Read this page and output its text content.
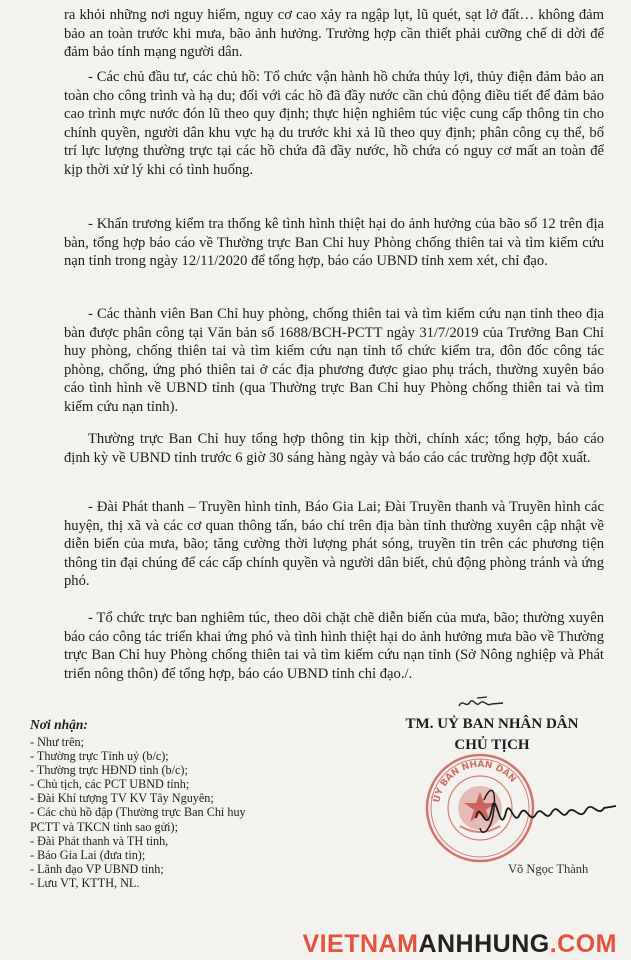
ra khỏi những nơi nguy hiểm, nguy cơ cao xảy ra ngập lụt, lũ quét, sạt lở đất… không đảm bảo an toàn trước khi mưa, bão ảnh hưởng. Trường hợp cần thiết phải cưỡng chế di dời để đảm bảo tính mạng người dân.

- Các chủ đầu tư, các chủ hồ: Tổ chức vận hành hồ chứa thủy lợi, thủy điện đảm bảo an toàn cho công trình và hạ du; đối với các hồ đã đầy nước cần chủ động điều tiết để đảm bảo cao trình mực nước đón lũ theo quy định; thực hiện nghiêm túc việc cung cấp thông tin cho chính quyền, người dân khu vực hạ du trước khi xả lũ theo quy định; phân công cụ thể, bố trí lực lượng thường trực tại các hồ chứa đã đầy nước, hồ chứa có nguy cơ mất an toàn để kịp thời xử lý khi có tình huống.

- Khẩn trương kiểm tra thống kê tình hình thiệt hại do ảnh hưởng của bão số 12 trên địa bàn, tổng hợp báo cáo về Thường trực Ban Chỉ huy Phòng chống thiên tai và tìm kiếm cứu nạn tỉnh trong ngày 12/11/2020 để tổng hợp, báo cáo UBND tỉnh xem xét, chỉ đạo.

- Các thành viên Ban Chỉ huy phòng, chống thiên tai và tìm kiếm cứu nạn tỉnh theo địa bàn được phân công tại Văn bản số 1688/BCH-PCTT ngày 31/7/2019 của Trưởng Ban Chỉ huy phòng, chống thiên tai và tìm kiếm cứu nạn tỉnh tổ chức kiểm tra, đôn đốc công tác phòng, chống, ứng phó thiên tai ở các địa phương được giao phụ trách, thường xuyên báo cáo tình hình về UBND tỉnh (qua Thường trực Ban Chỉ huy Phòng chống thiên tai và tìm kiếm cứu nạn tỉnh).

Thường trực Ban Chỉ huy tổng hợp thông tin kịp thời, chính xác; tổng hợp, báo cáo định kỳ về UBND tỉnh trước 6 giờ 30 sáng hàng ngày và báo cáo các trường hợp đột xuất.

- Đài Phát thanh – Truyền hình tỉnh, Báo Gia Lai; Đài Truyền thanh và Truyền hình các huyện, thị xã và các cơ quan thông tấn, báo chí trên địa bàn tỉnh thường xuyên cập nhật về diễn biến của mưa, bão; tăng cường thời lượng phát sóng, truyền tin trên các phương tiện thông tin đại chúng để các cấp chính quyền và người dân biết, chủ động phòng tránh và ứng phó.

- Tổ chức trực ban nghiêm túc, theo dõi chặt chẽ diễn biến của mưa, bão; thường xuyên báo cáo công tác triển khai ứng phó và tình hình thiệt hại do ảnh hưởng mưa bão về Thường trực Ban Chỉ huy Phòng chống thiên tai và tìm kiếm cứu nạn tỉnh (Sở Nông nghiệp và Phát triển nông thôn) để tổng hợp, báo cáo UBND tỉnh chỉ đạo./.

Nơi nhận:

- Như trên;
- Thường trực Tỉnh uỷ (b/c);
- Thường trực HĐND tỉnh (b/c);
- Chủ tịch, các PCT UBND tỉnh;
- Đài Khí tượng TV KV Tây Nguyên;
- Các chủ hồ đập (Thường trực Ban Chỉ huy
PCTT và TKCN tỉnh sao gửi);
- Đài Phát thanh và TH tỉnh,
- Báo Gia Lai (đưa tin);
- Lãnh đạo VP UBND tỉnh;
- Lưu VT, KTTH, NL.

TM. UỶ BAN NHÂN DÂN

CHỦ TỊCH

ỦY BAN NHÂN DÂN
Võ Ngọc Thành
VIETNAMANHHUNG.COM
